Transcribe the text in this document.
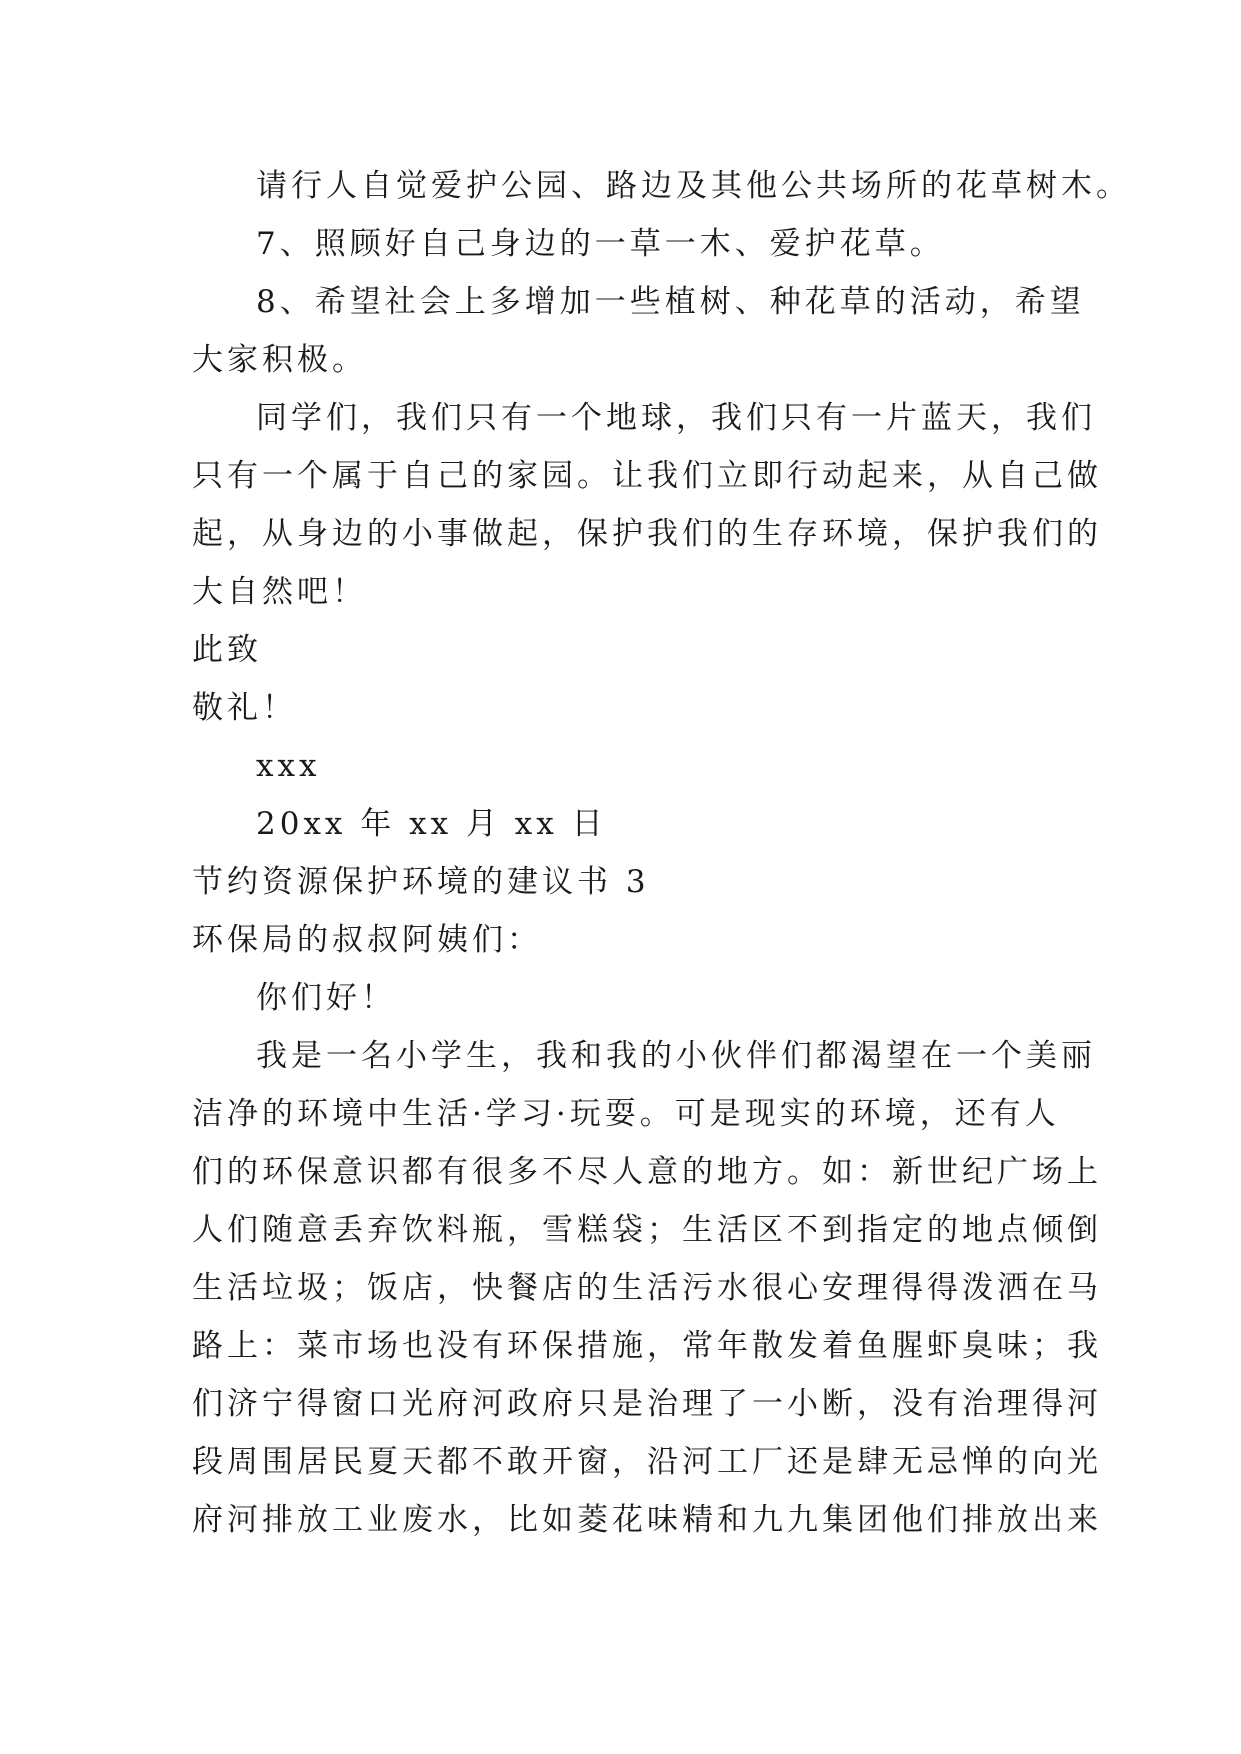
请行人自觉爱护公园、路边及其他公共场所的花草树木。
7、照顾好自己身边的一草一木、爱护花草。
8、希望社会上多增加一些植树、种花草的活动，希望
大家积极。
同学们，我们只有一个地球，我们只有一片蓝天，我们
只有一个属于自己的家园。让我们立即行动起来，从自己做
起，从身边的小事做起，保护我们的生存环境，保护我们的
大自然吧！
此致
敬礼！
xxx
20xx 年 xx 月 xx 日
节约资源保护环境的建议书 3
环保局的叔叔阿姨们：
你们好！
我是一名小学生，我和我的小伙伴们都渴望在一个美丽
洁净的环境中生活·学习·玩耍。可是现实的环境，还有人
们的环保意识都有很多不尽人意的地方。如：新世纪广场上
人们随意丢弃饮料瓶，雪糕袋；生活区不到指定的地点倾倒
生活垃圾；饭店，快餐店的生活污水很心安理得得泼洒在马
路上：菜市场也没有环保措施，常年散发着鱼腥虾臭味；我
们济宁得窗口光府河政府只是治理了一小断，没有治理得河
段周围居民夏天都不敢开窗，沿河工厂还是肆无忌惮的向光
府河排放工业废水，比如菱花味精和九九集团他们排放出来
